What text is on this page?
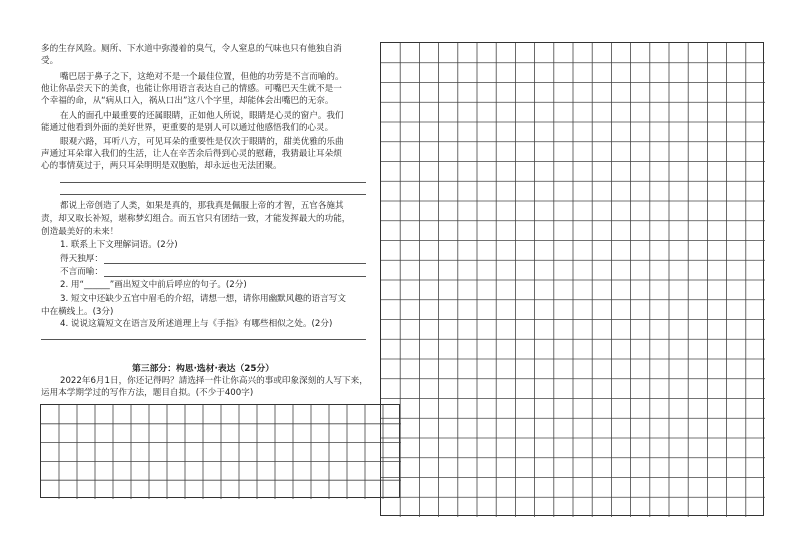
多的生存风险。厕所、下水道中弥漫着的臭气，令人窒息的气味也只有他独自消
受。
嘴巴居于鼻子之下，这绝对不是一个最佳位置，但他的功劳是不言而喻的。
他让你品尝天下的美食，也能让你用语言表达自己的情感。可嘴巴天生就不是一
个幸福的命，从“病从口入，祸从口出”这八个字里，却能体会出嘴巴的无奈。
在人的面孔中最重要的还属眼睛，正如他人所说，眼睛是心灵的窗户。我们
能通过他看到外面的美好世界，更重要的是别人可以通过他感悟我们的心灵。
眼观六路，耳听八方，可见耳朵的重要性是仅次于眼睛的，甜美优雅的乐曲
声通过耳朵窜入我们的生活，让人在辛苦余后得到心灵的慰藉，我猜最让耳朵烦
心的事情莫过于，两只耳朵明明是双胞胎，却永远也无法团聚。
都说上帝创造了人类，如果是真的，那我真是佩服上帝的才智，五官各施其
责，却又取长补短，堪称梦幻组合。而五官只有团结一致，才能发挥最大的功能，
创造最美好的未来！
1. 联系上下文理解词语。(2分)
得天独厚：
不言而喻：
2. 用“______”画出短文中前后呼应的句子。(2分)
3. 短文中还缺少五官中眉毛的介绍，请想一想，请你用幽默风趣的语言写文
中在横线上。(3分)
4. 说说这篇短文在语言及所述道理上与《手指》有哪些相似之处。(2分)
第三部分：构思·选材·表达（25分）
2022年6月1日，你还记得吗？請选择一件让你高兴的事或印象深刻的人写下来，
运用本学期学过的写作方法，题目自拟。(不少于400字)
